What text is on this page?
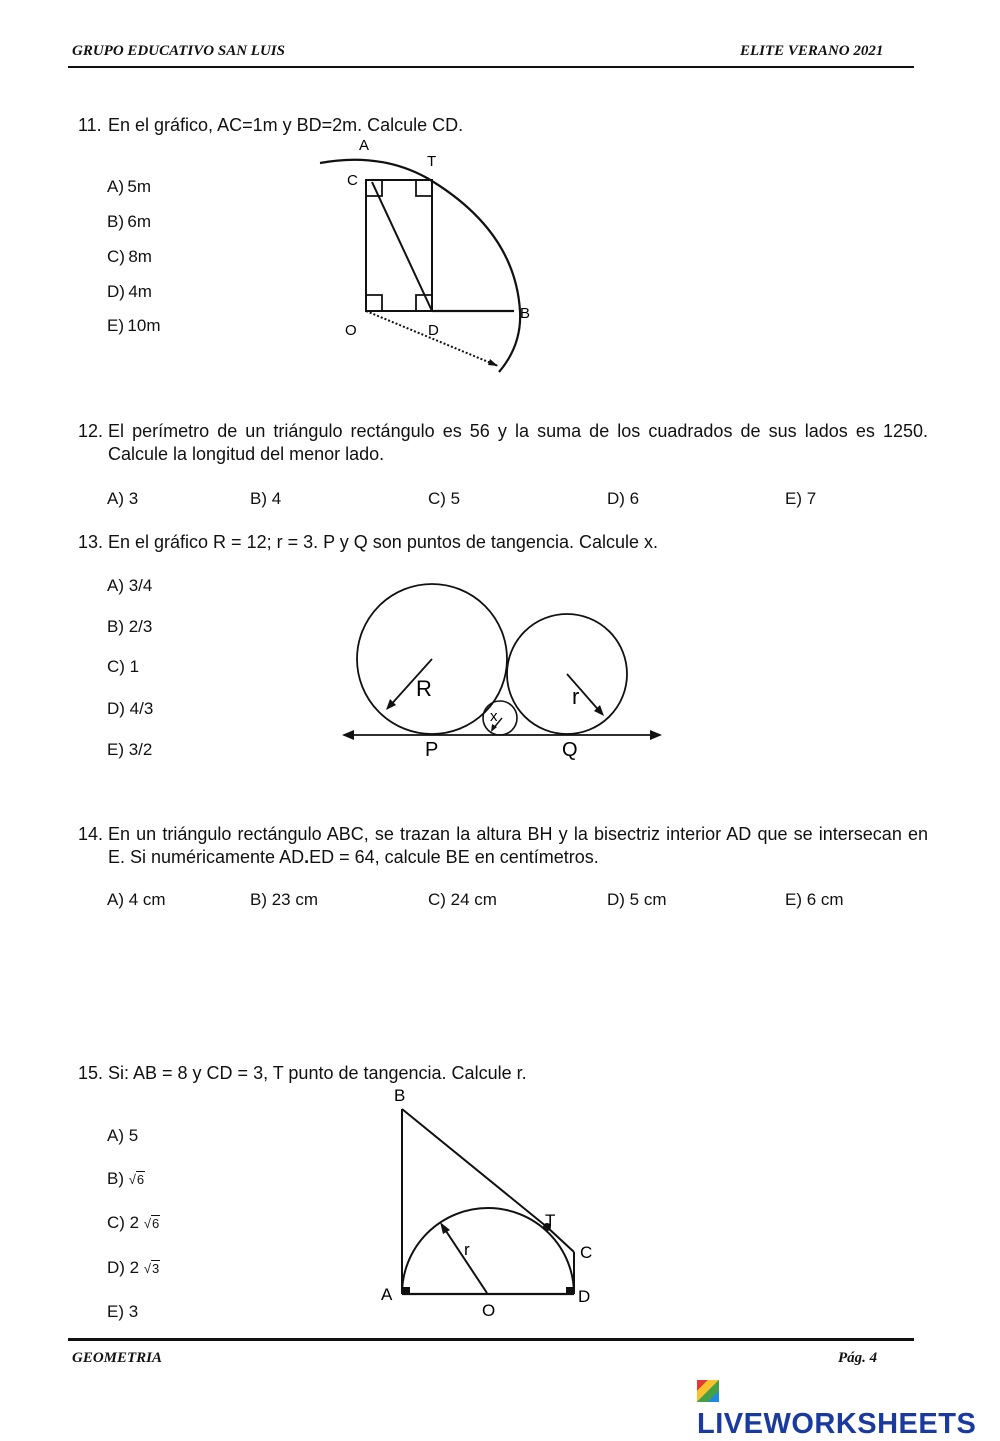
GRUPO EDUCATIVO SAN LUIS	ELITE VERANO 2021
11. En el gráfico, AC=1m y BD=2m. Calcule CD.
A) 5m
B) 6m
C) 8m
D) 4m
E) 10m
A
T
C
O	D
B
12. El perímetro de un triángulo rectángulo es 56 y la suma de los cuadrados de sus lados es 1250. Calcule la longitud del menor lado.
A) 3	B) 4	C) 5	D) 6	E) 7
13. En el gráfico R = 12; r = 3. P y Q son puntos de tangencia. Calcule x.
A) 3/4
B) 2/3
C) 1
D) 4/3
E) 3/2
R	r
x
P	Q
14. En un triángulo rectángulo ABC, se trazan la altura BH y la bisectriz interior AD que se intersecan en E. Si numéricamente AD.ED = 64, calcule BE en centímetros.
A) 4 cm	B) 23 cm	C) 24 cm	D) 5 cm	E) 6 cm
15. Si: AB = 8 y CD = 3, T punto de tangencia. Calcule r.
A) 5
B) √6
C) 2 √6
D) 2 √3
E) 3
B
T
C
A
O
D
r
GEOMETRIA	Pág. 4
LIVEWORKSHEETS
